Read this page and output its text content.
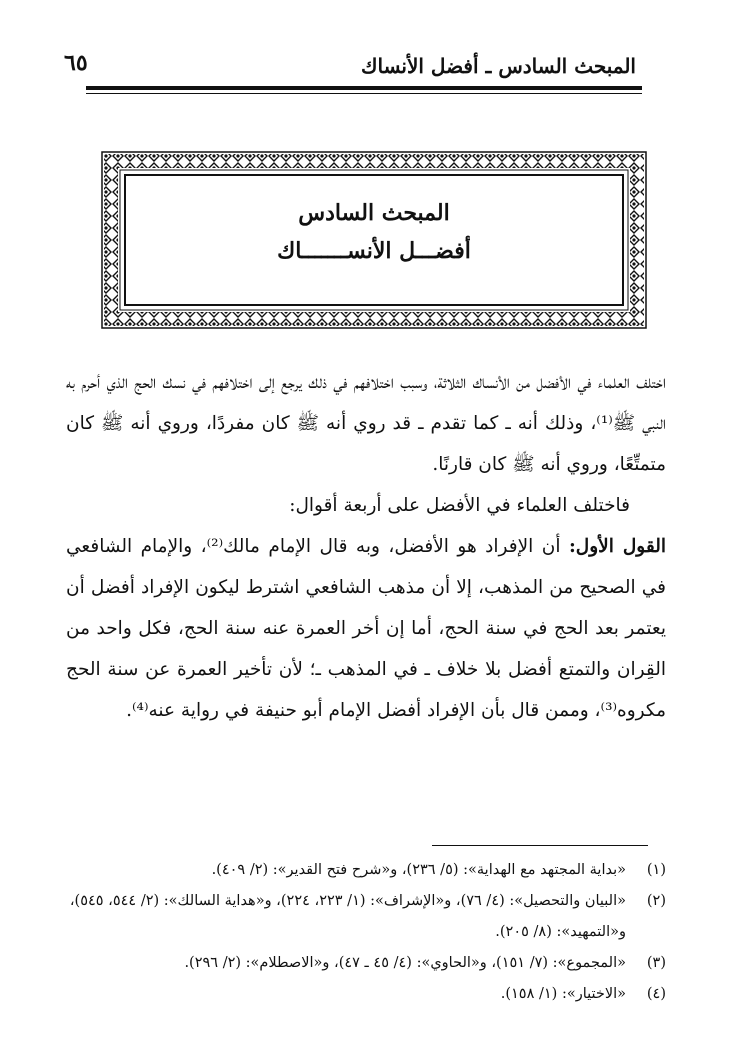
٦٥	المبحث السادس ـ أفضل الأنساك
المبحث السادس
أفضـــل الأنســـــــاك

اختلف العلماء في الأفضل من الأنساك الثلاثة، وسبب اختلافهم في ذلك يرجع إلى اختلافهم في نسك الحج الذي أحرم به النبي ﷺ⁽¹⁾، وذلك أنه ـ كما تقدم ـ قد روي أنه ﷺ كان مفردًا، وروي أنه ﷺ كان متمتِّعًا، وروي أنه ﷺ كان قارنًا.

فاختلف العلماء في الأفضل على أربعة أقوال:

القول الأول: أن الإفراد هو الأفضل، وبه قال الإمام مالك⁽²⁾، والإمام الشافعي في الصحيح من المذهب، إلا أن مذهب الشافعي اشترط ليكون الإفراد أفضل أن يعتمر بعد الحج في سنة الحج، أما إن أخر العمرة عنه سنة الحج، فكل واحد من القِران والتمتع أفضل بلا خلاف ـ في المذهب ـ؛ لأن تأخير العمرة عن سنة الحج مكروه⁽³⁾، وممن قال بأن الإفراد أفضل الإمام أبو حنيفة في رواية عنه⁽⁴⁾.

(١)
«بداية المجتهد مع الهداية»: (٥/ ٢٣٦)، و«شرح فتح القدير»: (٢/ ٤٠٩).
(٢)
«البيان والتحصيل»: (٤/ ٧٦)، و«الإشراف»: (١/ ٢٢٣، ٢٢٤)، و«هداية السالك»: (٢/ ٥٤٤، ٥٤٥)، و«التمهيد»: (٨/ ٢٠٥).
(٣)
«المجموع»: (٧/ ١٥١)، و«الحاوي»: (٤/ ٤٥ ـ ٤٧)، و«الاصطلام»: (٢/ ٢٩٦).
(٤)
«الاختيار»: (١/ ١٥٨).
